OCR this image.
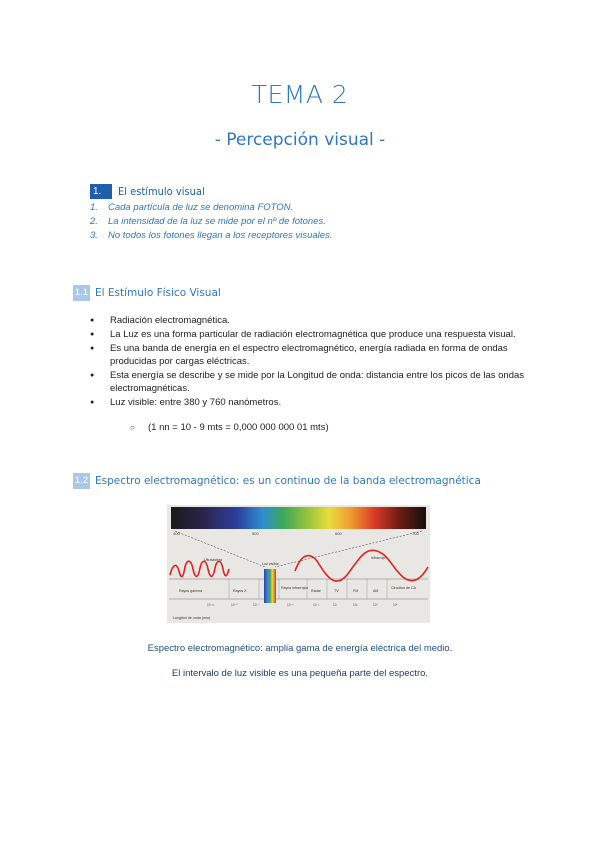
TEMA 2
- Percepción visual -
1.	El estímulo visual
1. Cada partícula de luz se denomina FOTON.
2. La intensidad de la luz se mide por el nº de fotones.
3. No todos los fotones llegan a los receptores visuales.
1.1 El Estímulo Físico Visual
● Radiación electromagnética.
● La Luz es una forma particular de radiación electromagnética que produce una respuesta visual.
● Es una banda de energía en el espectro electromagnético, energía radiada en forma de ondas producidas por cargas eléctricas.
● Esta energía se describe y se mide por la Longitud de onda: distancia entre los picos de las ondas electromagnéticas.
● Luz visible: entre 380 y 760 nanómetros.
○ (1 nn = 10 - 9 mts = 0,000 000 000 01 mts)
1.2 Espectro electromagnético: es un continuo de la banda electromagnética
400	500	600	700
Ultravioleta
Luz visible
Infrarrojo
Rayos gamma	Rayos X
Rayos infrarrojos
Radar	TV	FM	AM
Circuitos de CA
Longitud de onda (mm)
10⁻¹¹	10⁻⁸	10⁻⁶	10⁻³	10⁻¹	10	10²	10⁴	10⁶
Espectro electromagnético: amplia gama de energía eléctrica del medio.
El intervalo de luz visible es una pequeña parte del espectro.
